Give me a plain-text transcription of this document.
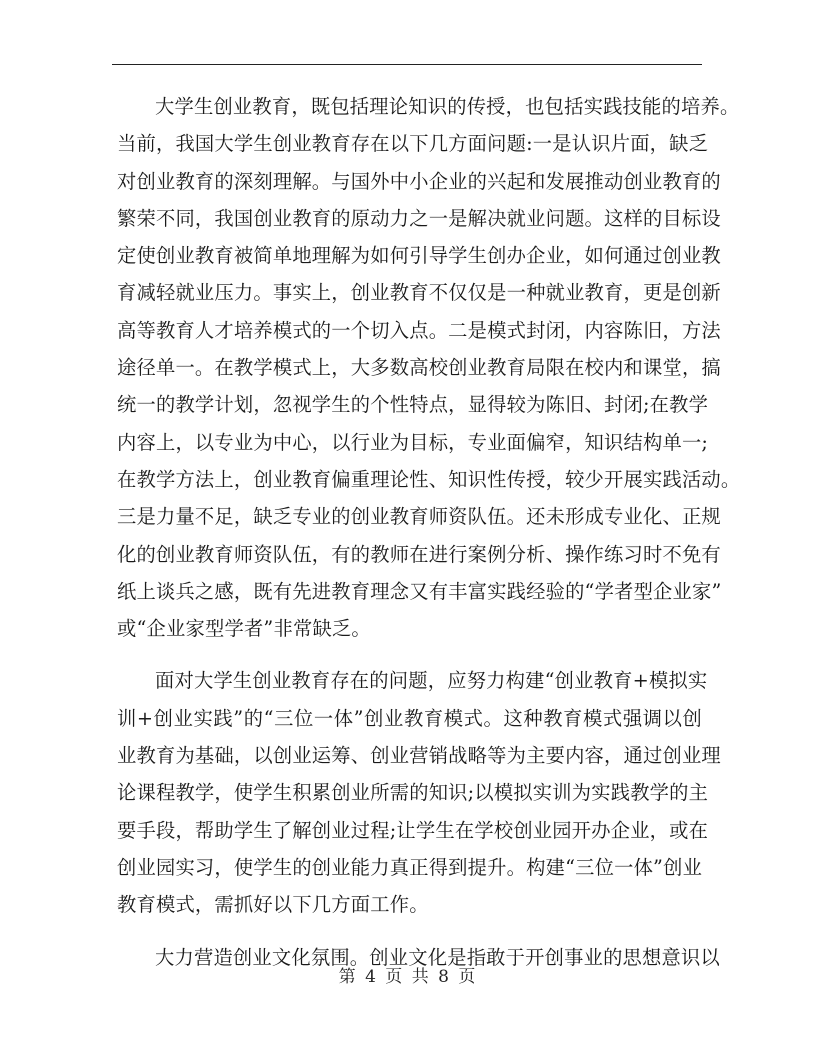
大学生创业教育，既包括理论知识的传授，也包括实践技能的培养。
当前，我国大学生创业教育存在以下几方面问题:一是认识片面，缺乏
对创业教育的深刻理解。与国外中小企业的兴起和发展推动创业教育的
繁荣不同，我国创业教育的原动力之一是解决就业问题。这样的目标设
定使创业教育被简单地理解为如何引导学生创办企业，如何通过创业教
育减轻就业压力。事实上，创业教育不仅仅是一种就业教育，更是创新
高等教育人才培养模式的一个切入点。二是模式封闭，内容陈旧，方法
途径单一。在教学模式上，大多数高校创业教育局限在校内和课堂，搞
统一的教学计划，忽视学生的个性特点，显得较为陈旧、封闭;在教学
内容上，以专业为中心，以行业为目标，专业面偏窄，知识结构单一;
在教学方法上，创业教育偏重理论性、知识性传授，较少开展实践活动。
三是力量不足，缺乏专业的创业教育师资队伍。还未形成专业化、正规
化的创业教育师资队伍，有的教师在进行案例分析、操作练习时不免有
纸上谈兵之感，既有先进教育理念又有丰富实践经验的“学者型企业家”
或“企业家型学者”非常缺乏。

面对大学生创业教育存在的问题，应努力构建“创业教育+模拟实
训+创业实践”的“三位一体”创业教育模式。这种教育模式强调以创
业教育为基础，以创业运筹、创业营销战略等为主要内容，通过创业理
论课程教学，使学生积累创业所需的知识;以模拟实训为实践教学的主
要手段，帮助学生了解创业过程;让学生在学校创业园开办企业，或在
创业园实习，使学生的创业能力真正得到提升。构建“三位一体”创业
教育模式，需抓好以下几方面工作。

大力营造创业文化氛围。创业文化是指敢于开创事业的思想意识以

第 4 页 共 8 页
